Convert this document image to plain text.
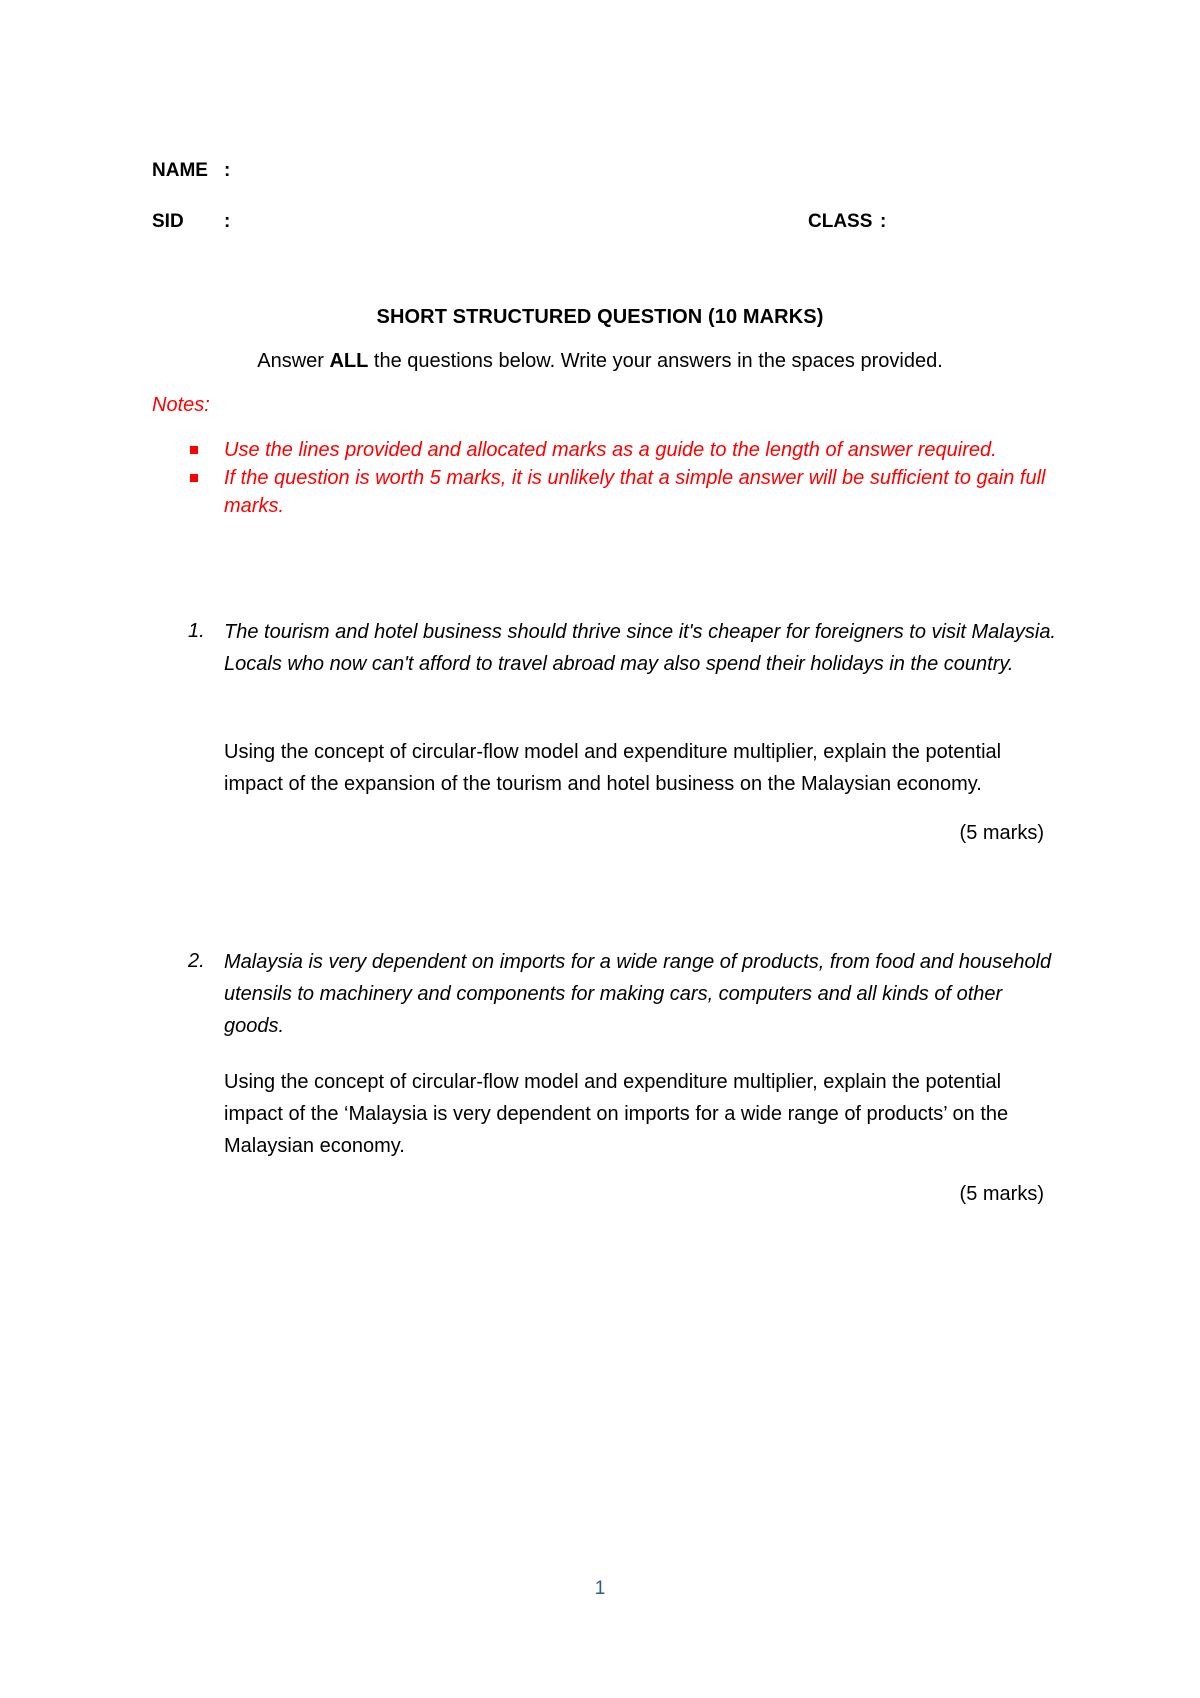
NAME :
SID :	CLASS :
SHORT STRUCTURED QUESTION (10 MARKS)
Answer ALL the questions below. Write your answers in the spaces provided.
Notes:
Use the lines provided and allocated marks as a guide to the length of answer required.
If the question is worth 5 marks, it is unlikely that a simple answer will be sufficient to gain full marks.
1. The tourism and hotel business should thrive since it's cheaper for foreigners to visit Malaysia. Locals who now can't afford to travel abroad may also spend their holidays in the country.
Using the concept of circular-flow model and expenditure multiplier, explain the potential impact of the expansion of the tourism and hotel business on the Malaysian economy.
(5 marks)
2. Malaysia is very dependent on imports for a wide range of products, from food and household utensils to machinery and components for making cars, computers and all kinds of other goods.
Using the concept of circular-flow model and expenditure multiplier, explain the potential impact of the ‘Malaysia is very dependent on imports for a wide range of products’ on the Malaysian economy.
(5 marks)
1
